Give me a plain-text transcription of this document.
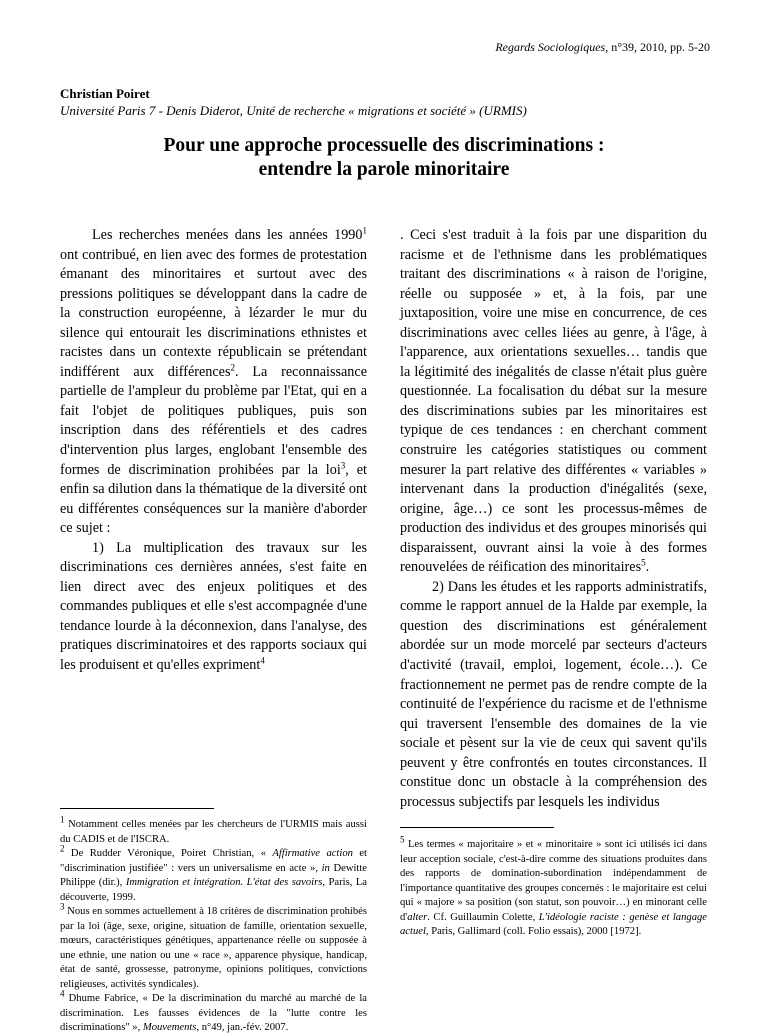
Regards Sociologiques, n°39, 2010, pp. 5-20
Christian Poiret
Université Paris 7 - Denis Diderot, Unité de recherche « migrations et société » (URMIS)
Pour une approche processuelle des discriminations :
entendre la parole minoritaire

Les recherches menées dans les années 1990$^1$ ont contribué, en lien avec des formes de protestation émanant des minoritaires et surtout avec des pressions politiques se développant dans la cadre de la construction européenne, à lézarder le mur du silence qui entourait les discriminations ethnistes et racistes dans un contexte républicain se prétendant indifférent aux différences$^2$. La reconnaissance partielle de l'ampleur du problème par l'Etat, qui en a fait l'objet de politiques publiques, puis son inscription dans des référentiels et des cadres d'intervention plus larges, englobant l'ensemble des formes de discrimination prohibées par la loi$^3$, et enfin sa dilution dans la thématique de la diversité ont eu différentes conséquences sur la manière d'aborder ce sujet :

1) La multiplication des travaux sur les discriminations ces dernières années, s'est faite en lien direct avec des enjeux politiques et des commandes publiques et elle s'est accompagnée d'une tendance lourde à la déconnexion, dans l'analyse, des pratiques discriminatoires et des rapports sociaux qui les produisent et qu'elles expriment$^4$

$^1$ Notamment celles menées par les chercheurs de l'URMIS mais aussi du CADIS et de l'ISCRA.

$^2$ De Rudder Véronique, Poiret Christian, « Affirmative action et "discrimination justifiée" : vers un universalisme en acte », in Dewitte Philippe (dir.), Immigration et intégration. L'état des savoirs, Paris, La découverte, 1999.

$^3$ Nous en sommes actuellement à 18 critères de discrimination prohibés par la loi (âge, sexe, origine, situation de famille, orientation sexuelle, mœurs, caractéristiques génétiques, appartenance réelle ou supposée à une ethnie, une nation ou une « race », apparence physique, handicap, état de santé, grossesse, patronyme, opinions politiques, convictions religieuses, activités syndicales).

$^4$ Dhume Fabrice, « De la discrimination du marché au marché de la discrimination. Les fausses évidences de la "lutte contre les discriminations" », Mouvements, n°49, jan.-fév. 2007.

. Ceci s'est traduit à la fois par une disparition du racisme et de l'ethnisme dans les problématiques traitant des discriminations « à raison de l'origine, réelle ou supposée » et, à la fois, par une juxtaposition, voire une mise en concurrence, de ces discriminations avec celles liées au genre, à l'âge, à l'apparence, aux orientations sexuelles… tandis que la légitimité des inégalités de classe n'était plus guère questionnée. La focalisation du débat sur la mesure des discriminations subies par les minoritaires est typique de ces tendances : en cherchant comment construire les catégories statistiques ou comment mesurer la part relative des différentes « variables » intervenant dans la production d'inégalités (sexe, origine, âge…) ce sont les processus-mêmes de production des individus et des groupes minorisés qui disparaissent, ouvrant ainsi la voie à des formes renouvelées de réification des minoritaires$^5$.

2) Dans les études et les rapports administratifs, comme le rapport annuel de la Halde par exemple, la question des discriminations est généralement abordée sur un mode morcelé par secteurs d'acteurs d'activité (travail, emploi, logement, école…). Ce fractionnement ne permet pas de rendre compte de la continuité de l'expérience du racisme et de l'ethnisme qui traversent l'ensemble des domaines de la vie sociale et pèsent sur la vie de ceux qui savent qu'ils peuvent y être confrontés en toutes circonstances. Il constitue donc un obstacle à la compréhension des processus subjectifs par lesquels les individus

$^5$ Les termes « majoritaire » et « minoritaire » sont ici utilisés ici dans leur acception sociale, c'est-à-dire comme des situations produites dans des rapports de domination-subordination indépendamment de l'importance quantitative des groupes concernés : le majoritaire est celui qui « majore » sa position (son statut, son pouvoir…) en minorant celle d'alter. Cf. Guillaumin Colette, L'idéologie raciste : genèse et langage actuel, Paris, Gallimard (coll. Folio essais), 2000 [1972].
